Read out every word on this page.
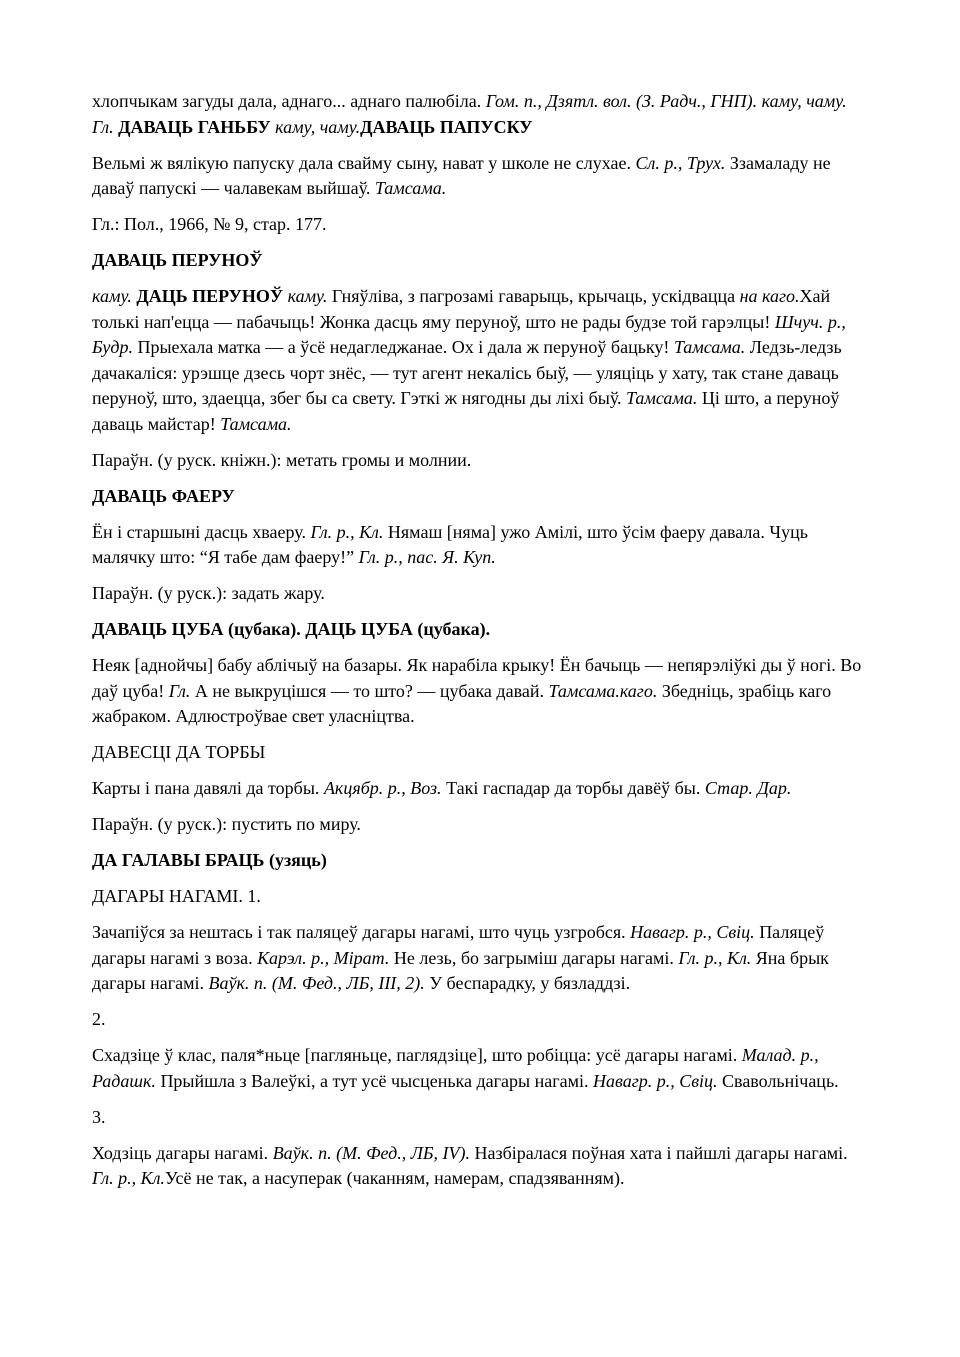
хлопчыкам загуды дала, аднаго... аднаго палюбіла. Гом. п., Дзятл. вол. (З. Радч., ГНП). каму, чаму. Гл. ДАВАЦЬ ГАНЬБУ каму, чаму.ДАВАЦЬ ПАПУСКУ

Вельмі ж вялікую папуску дала свайму сыну, нават у школе не слухае. Сл. р., Трух. Ззамаладу не даваў папускі — чалавекам выйшаў. Тамсама.

Гл.: Пол., 1966, № 9, стар. 177.

ДАВАЦЬ ПЕРУНОЎ

каму. ДАЦЬ ПЕРУНОЎ каму. Гняўліва, з пагрозамі гаварыць, крычаць, ускідвацца на каго.Хай толькі нап'ецца — пабачыць! Жонка дасць яму перуноў, што не рады будзе той гарэлцы! Шчуч. р., Будр. Прыехала матка — а ўсё недагледжанае. Ох і дала ж перуноў бацьку! Тамсама. Ледзь-ледзь дачакаліся: урэшце дзесь чорт знёс, — тут агент некалісь быў, — уляціць у хату, так стане даваць перуноў, што, здаецца, збег бы са свету. Гэткі ж нягодны ды ліхі быў. Тамсама. Ці што, а перуноў даваць майстар! Тамсама.

Параўн. (у руск. кніжн.): метать громы и молнии.

ДАВАЦЬ ФАЕРУ

Ён і старшыні дасць хваеру. Гл. р., Кл. Нямаш [няма] ужо Амілі, што ўсім фаеру давала. Чуць малячку што: “Я табе дам фаеру!” Гл. р., пас. Я. Куп.

Параўн. (у руск.): задать жару.

ДАВАЦЬ ЦУБА (цубака). ДАЦЬ ЦУБА (цубака).

Неяк [аднойчы] бабу аблічыў на базары. Як нарабіла крыку! Ён бачыць — непярэліўкі ды ў ногі. Во даў цуба! Гл. А не выкруцішся — то што? — цубака давай. Тамсама.каго. Збедніць, зрабіць каго жабраком. Адлюстроўвае свет уласніцтва.

ДАВЕСЦІ ДА ТОРБЫ

Карты і пана давялі да торбы. Акцябр. р., Воз. Такі гаспадар да торбы давёў бы. Стар. Дар.

Параўн. (у руск.): пустить по миру.

ДА ГАЛАВЫ БРАЦЬ (узяць)

ДАГАРЫ НАГАМІ. 1.

Зачапіўся за нештась і так паляцеў дагары нагамі, што чуць узгробся. Навагр. р., Свіц. Паляцеў дагары нагамі з воза. Карэл. р., Мірат. Не лезь, бо загрыміш дагары нагамі. Гл. р., Кл. Яна брык дагары нагамі. Ваўк. п. (М. Фед., ЛБ, III, 2). У беспарадку, у бязладдзі.

2.

Схадзіце ў клас, паля*ньце [пагляньце, паглядзіце], што робіцца: усё дагары нагамі. Малад. р., Радашк. Прыйшла з Валеўкі, а тут усё чысценька дагары нагамі. Навагр. р., Свіц. Свавольнічаць.

3.

Ходзіць дагары нагамі. Ваўк. п. (М. Фед., ЛБ, IV). Назбіралася поўная хата і пайшлі дагары нагамі. Гл. р., Кл.Усё не так, а насуперак (чаканням, намерам, спадзяванням).
